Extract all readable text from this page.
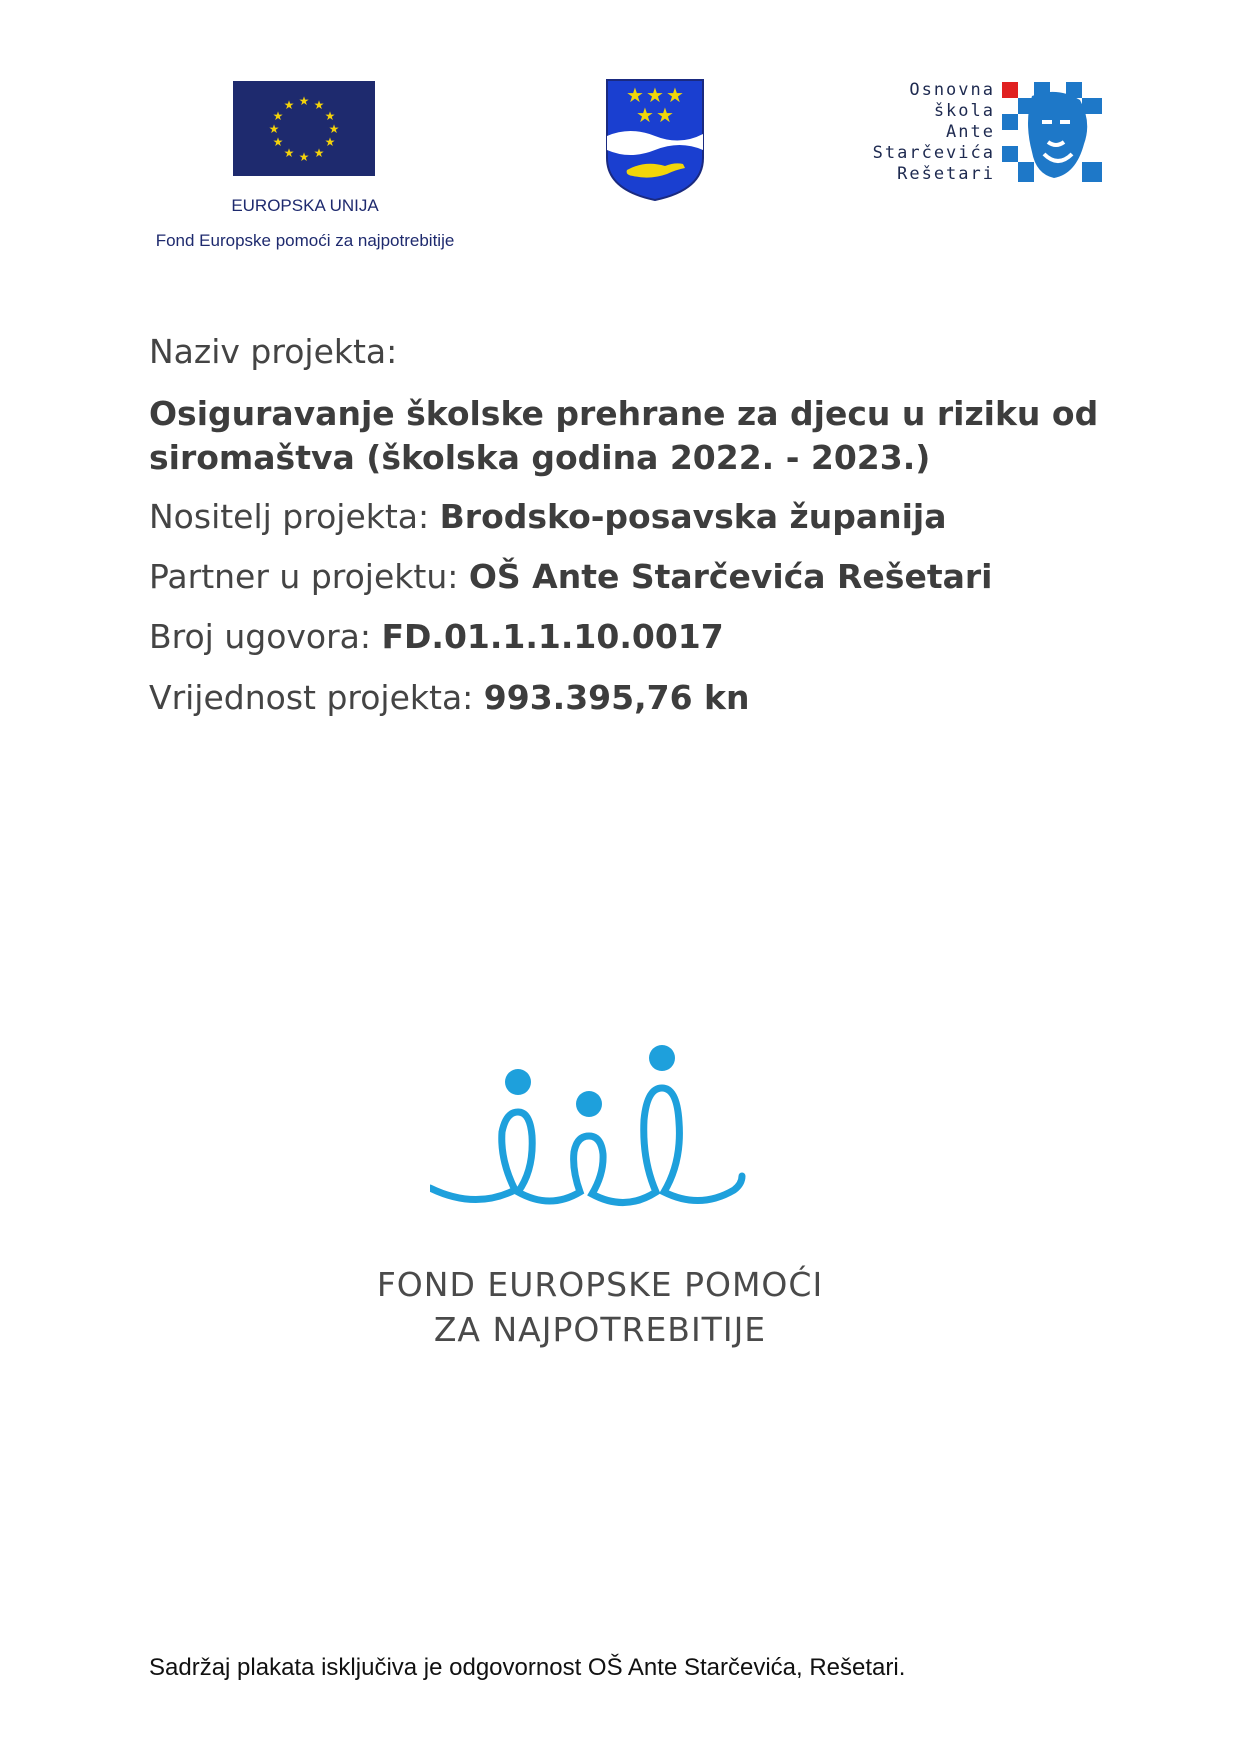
★ ★
★
★
★
★
★
★
★
★
★
★
EUROPSKA UNIJA
Fond Europske pomoći za najpotrebitije
★ ★ ★
★ ★
Osnovna
škola
Ante
Starčevića
Rešetari
Naziv projekta:
Osiguravanje školske prehrane za djecu u riziku od siromaštva (školska godina 2022. - 2023.)
Nositelj projekta: Brodsko-posavska županija
Partner u projektu: OŠ Ante Starčevića Rešetari
Broj ugovora: FD.01.1.1.10.0017
Vrijednost projekta: 993.395,76 kn
FOND EUROPSKE POMOĆI
ZA NAJPOTREBITIJE
Sadržaj plakata isključiva je odgovornost OŠ Ante Starčevića, Rešetari.
